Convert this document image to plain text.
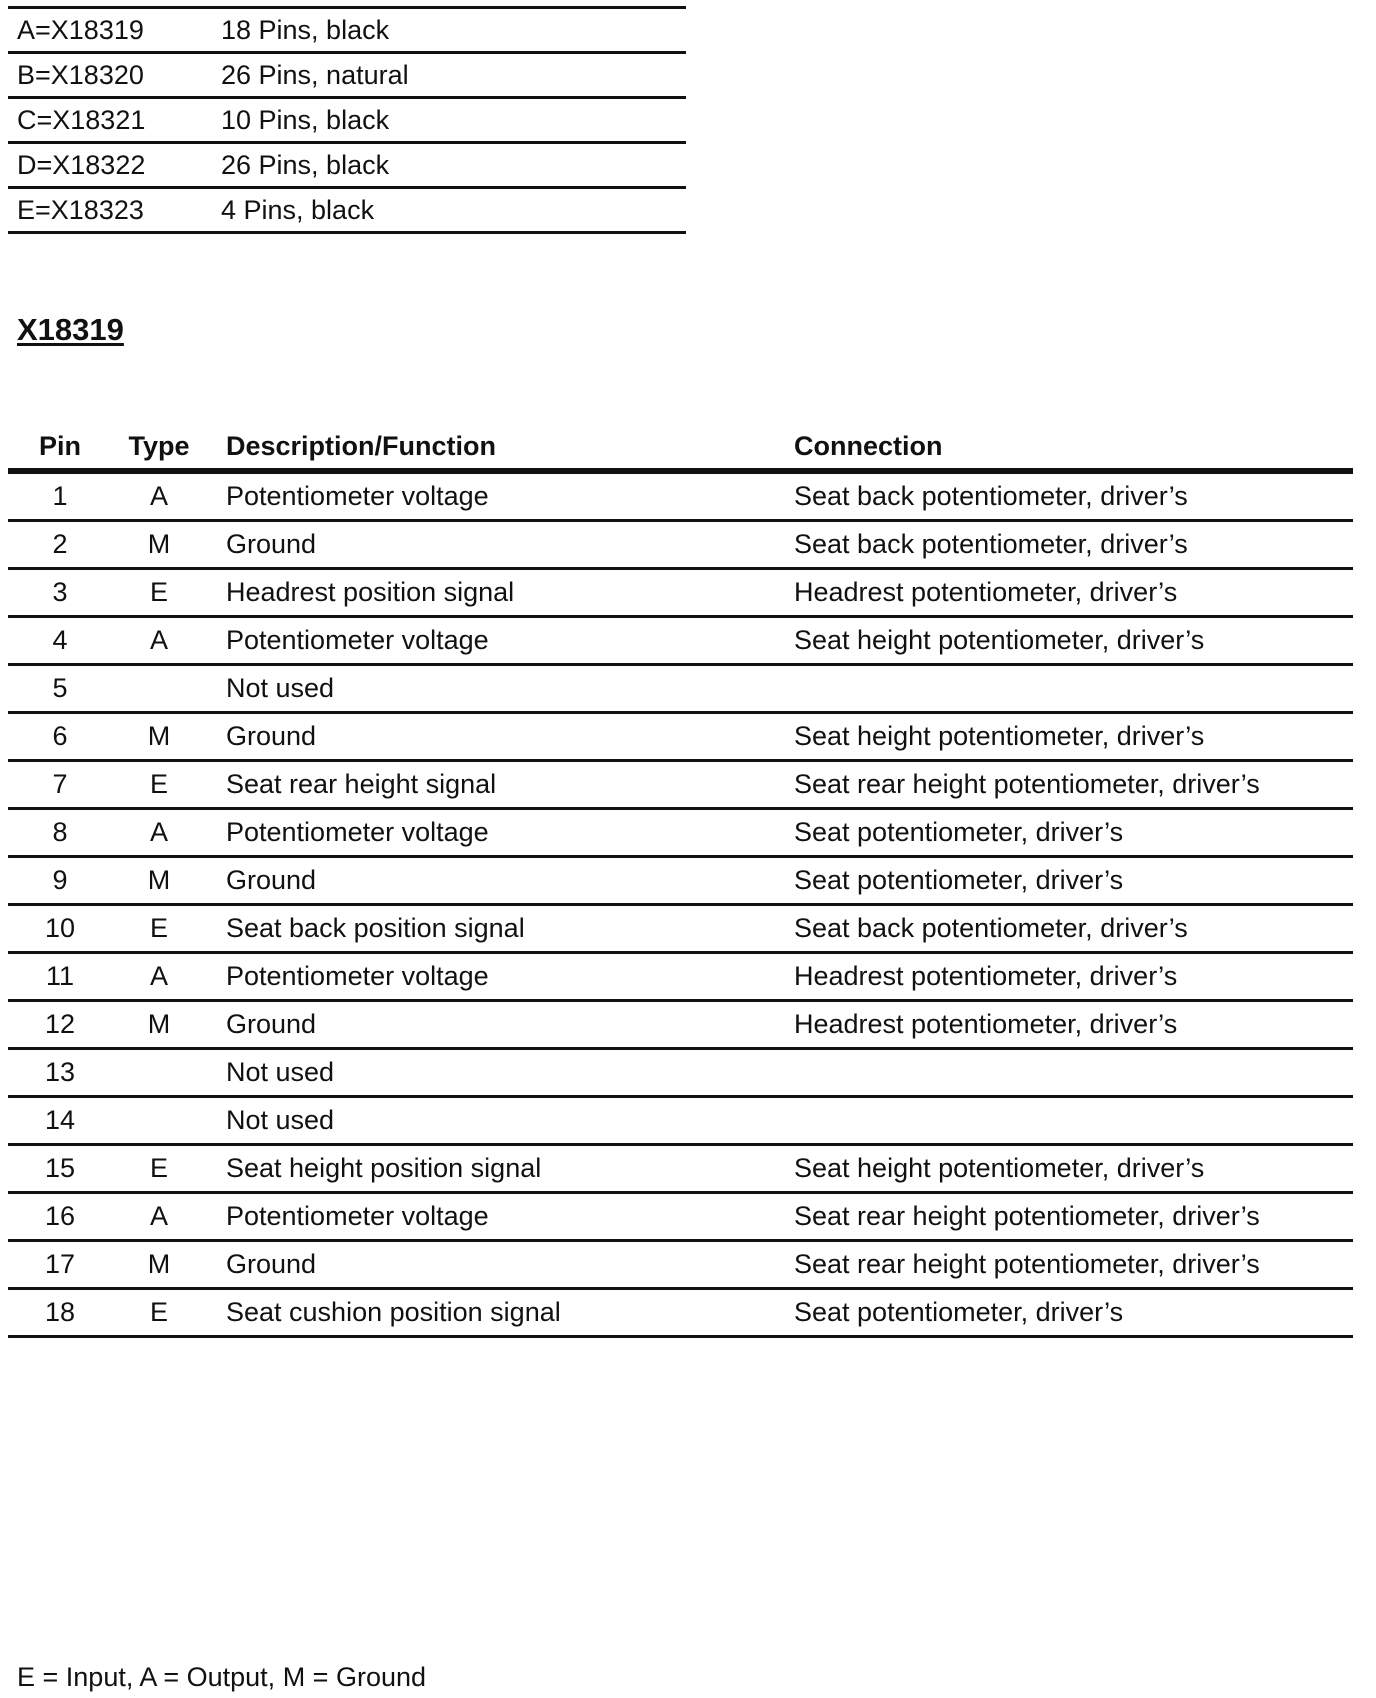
A=X18319	18 Pins, black
B=X18320	26 Pins, natural
C=X18321	10 Pins, black
D=X18322	26 Pins, black
E=X18323	4 Pins, black
X18319
Pin	Type	Description/Function	Connection
1	A	Potentiometer voltage	Seat back potentiometer, driver’s
2	M	Ground	Seat back potentiometer, driver’s
3	E	Headrest position signal	Headrest potentiometer, driver’s
4	A	Potentiometer voltage	Seat height potentiometer, driver’s
5		Not used	
6	M	Ground	Seat height potentiometer, driver’s
7	E	Seat rear height signal	Seat rear height potentiometer, driver’s
8	A	Potentiometer voltage	Seat potentiometer, driver’s
9	M	Ground	Seat potentiometer, driver’s
10	E	Seat back position signal	Seat back potentiometer, driver’s
11	A	Potentiometer voltage	Headrest potentiometer, driver’s
12	M	Ground	Headrest potentiometer, driver’s
13		Not used	
14		Not used	
15	E	Seat height position signal	Seat height potentiometer, driver’s
16	A	Potentiometer voltage	Seat rear height potentiometer, driver’s
17	M	Ground	Seat rear height potentiometer, driver’s
18	E	Seat cushion position signal	Seat potentiometer, driver’s

E = Input, A = Output, M = Ground
